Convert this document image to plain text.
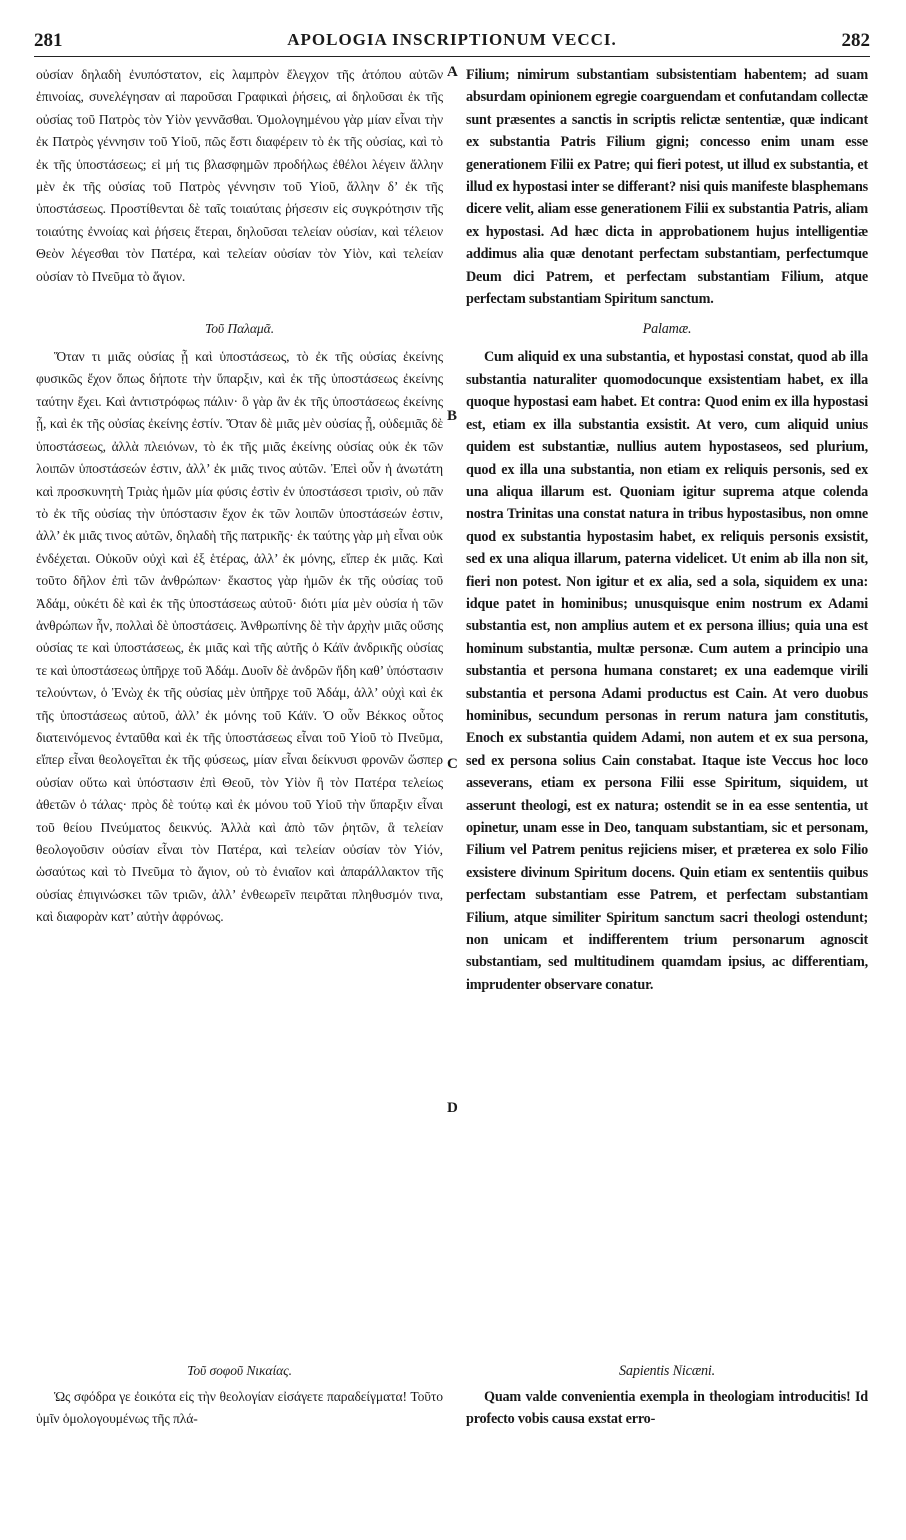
281	APOLOGIA INSCRIPTIONUM VECCI.	282
A
B
C
D

οὐσίαν δηλαδὴ ἐνυπόστατον, εἰς λαμπρὸν ἔλεγχον τῆς ἀτόπου αὐτῶν ἐπινοίας, συνελέγησαν αἱ παροῦσαι Γραφικαὶ ῥήσεις, αἱ δηλοῦσαι ἐκ τῆς οὐσίας τοῦ Πατρὸς τὸν Υἱὸν γεννᾶσθαι. Ὁμολογημένου γὰρ μίαν εἶναι τὴν ἐκ Πατρὸς γέννησιν τοῦ Υἱοῦ, πῶς ἔστι διαφέρειν τὸ ἐκ τῆς οὐσίας, καὶ τὸ ἐκ τῆς ὑποστάσεως; εἰ μή τις βλασφημῶν προδήλως ἐθέλοι λέγειν ἄλλην μὲν ἐκ τῆς οὐσίας τοῦ Πατρὸς γέννησιν τοῦ Υἱοῦ, ἄλλην δ’ ἐκ τῆς ὑποστάσεως. Προστίθενται δὲ ταῖς τοιαύταις ῥήσεσιν εἰς συγκρότησιν τῆς τοιαύτης ἐννοίας καὶ ῥήσεις ἕτεραι, δηλοῦσαι τελείαν οὐσίαν, καὶ τέλειον Θεὸν λέγεσθαι τὸν Πατέρα, καὶ τελείαν οὐσίαν τὸν Υἱὸν, καὶ τελείαν οὐσίαν τὸ Πνεῦμα τὸ ἅγιον.

Τοῦ Παλαμᾶ.

Ὅταν τι μιᾶς οὐσίας ᾖ καὶ ὑποστάσεως, τὸ ἐκ τῆς οὐσίας ἐκείνης φυσικῶς ἔχον ὅπως δήποτε τὴν ὕπαρξιν, καὶ ἐκ τῆς ὑποστάσεως ἐκείνης ταύτην ἔχει. Καὶ ἀντιστρόφως πάλιν· ὃ γὰρ ἂν ἐκ τῆς ὑποστάσεως ἐκείνης ᾖ, καὶ ἐκ τῆς οὐσίας ἐκείνης ἐστίν. Ὅταν δὲ μιᾶς μὲν οὐσίας ᾖ, οὐδεμιᾶς δὲ ὑποστάσεως, ἀλλὰ πλειόνων, τὸ ἐκ τῆς μιᾶς ἐκείνης οὐσίας οὐκ ἐκ τῶν λοιπῶν ὑποστάσεών ἐστιν, ἀλλ’ ἐκ μιᾶς τινος αὐτῶν. Ἐπεὶ οὖν ἡ ἀνωτάτη καὶ προσκυνητὴ Τριὰς ἡμῶν μία φύσις ἐστὶν ἐν ὑποστάσεσι τρισὶν, οὐ πᾶν τὸ ἐκ τῆς οὐσίας τὴν ὑπόστασιν ἔχον ἐκ τῶν λοιπῶν ὑποστάσεών ἐστιν, ἀλλ’ ἐκ μιᾶς τινος αὐτῶν, δηλαδὴ τῆς πατρικῆς· ἐκ ταύτης γὰρ μὴ εἶναι οὐκ ἐνδέχεται. Οὐκοῦν οὐχὶ καὶ ἐξ ἑτέρας, ἀλλ’ ἐκ μόνης, εἴπερ ἐκ μιᾶς. Καὶ τοῦτο δῆλον ἐπὶ τῶν ἀνθρώπων· ἕκαστος γὰρ ἡμῶν ἐκ τῆς οὐσίας τοῦ Ἀδάμ, οὐκέτι δὲ καὶ ἐκ τῆς ὑποστάσεως αὐτοῦ· διότι μία μὲν οὐσία ἡ τῶν ἀνθρώπων ἦν, πολλαὶ δὲ ὑποστάσεις. Ἀνθρωπίνης δὲ τὴν ἀρχὴν μιᾶς οὔσης οὐσίας τε καὶ ὑποστάσεως, ἐκ μιᾶς καὶ τῆς αὐτῆς ὁ Κάϊν ἀνδρικῆς οὐσίας τε καὶ ὑποστάσεως ὑπῆρχε τοῦ Ἀδάμ. Δυοῖν δὲ ἀνδρῶν ἤδη καθ’ ὑπόστασιν τελούντων, ὁ Ἐνὼχ ἐκ τῆς οὐσίας μὲν ὑπῆρχε τοῦ Ἀδάμ, ἀλλ’ οὐχὶ καὶ ἐκ τῆς ὑποστάσεως αὐτοῦ, ἀλλ’ ἐκ μόνης τοῦ Κάϊν. Ὁ οὖν Βέκκος οὗτος διατεινόμενος ἐνταῦθα καὶ ἐκ τῆς ὑποστάσεως εἶναι τοῦ Υἱοῦ τὸ Πνεῦμα, εἴπερ εἶναι θεολογεῖται ἐκ τῆς φύσεως, μίαν εἶναι δείκνυσι φρονῶν ὥσπερ οὐσίαν οὕτω καὶ ὑπόστασιν ἐπὶ Θεοῦ, τὸν Υἱὸν ἢ τὸν Πατέρα τελείως ἀθετῶν ὁ τάλας· πρὸς δὲ τούτῳ καὶ ἐκ μόνου τοῦ Υἱοῦ τὴν ὕπαρξιν εἶναι τοῦ θείου Πνεύματος δεικνύς. Ἀλλὰ καὶ ἀπὸ τῶν ῥητῶν, ἃ τελείαν θεολογοῦσιν οὐσίαν εἶναι τὸν Πατέρα, καὶ τελείαν οὐσίαν τὸν Υἱόν, ὡσαύτως καὶ τὸ Πνεῦμα τὸ ἅγιον, οὐ τὸ ἑνιαῖον καὶ ἀπαράλλακτον τῆς οὐσίας ἐπιγινώσκει τῶν τριῶν, ἀλλ’ ἐνθεωρεῖν πειρᾶται πληθυσμόν τινα, καὶ διαφορὰν κατ’ αὐτὴν ἀφρόνως.

Τοῦ σοφοῦ Νικαίας.

Ὡς σφόδρα γε ἐοικότα εἰς τὴν θεολογίαν εἰσάγετε παραδείγματα! Τοῦτο ὑμῖν ὁμολογουμένως τῆς πλά-

Filium; nimirum substantiam subsistentiam habentem; ad suam absurdam opinionem egregie coarguendam et confutandam collectæ sunt præsentes a sanctis in scriptis relictæ sententiæ, quæ indicant ex substantia Patris Filium gigni; concesso enim unam esse generationem Filii ex Patre; qui fieri potest, ut illud ex substantia, et illud ex hypostasi inter se differant? nisi quis manifeste blasphemans dicere velit, aliam esse generationem Filii ex substantia Patris, aliam ex hypostasi. Ad hæc dicta in approbationem hujus intelligentiæ addimus alia quæ denotant perfectam substantiam, perfectumque Deum dici Patrem, et perfectam substantiam Filium, atque perfectam substantiam Spiritum sanctum.

Palamæ.

Cum aliquid ex una substantia, et hypostasi constat, quod ab illa substantia naturaliter quomodocunque exsistentiam habet, ex illa quoque hypostasi eam habet. Et contra: Quod enim ex illa hypostasi est, etiam ex illa substantia exsistit. At vero, cum aliquid unius quidem est substantiæ, nullius autem hypostaseos, sed plurium, quod ex illa una substantia, non etiam ex reliquis personis, sed ex una aliqua illarum est. Quoniam igitur suprema atque colenda nostra Trinitas una constat natura in tribus hypostasibus, non omne quod ex substantia hypostasim habet, ex reliquis personis exsistit, sed ex una aliqua illarum, paterna videlicet. Ut enim ab illa non sit, fieri non potest. Non igitur et ex alia, sed a sola, siquidem ex una: idque patet in hominibus; unusquisque enim nostrum ex Adami substantia est, non amplius autem et ex persona illius; quia una est hominum substantia, multæ personæ. Cum autem a principio una substantia et persona humana constaret; ex una eademque virili substantia et persona Adami productus est Cain. At vero duobus hominibus, secundum personas in rerum natura jam constitutis, Enoch ex substantia quidem Adami, non autem et ex sua persona, sed ex persona solius Cain constabat. Itaque iste Veccus hoc loco asseverans, etiam ex persona Filii esse Spiritum, siquidem, ut asserunt theologi, est ex natura; ostendit se in ea esse sententia, ut opinetur, unam esse in Deo, tanquam substantiam, sic et personam, Filium vel Patrem penitus rejiciens miser, et præterea ex solo Filio exsistere divinum Spiritum docens. Quin etiam ex sententiis quibus perfectam substantiam esse Patrem, et perfectam substantiam Filium, atque similiter Spiritum sanctum sacri theologi ostendunt; non unicam et indifferentem trium personarum agnoscit substantiam, sed multitudinem quamdam ipsius, ac differentiam, imprudenter observare conatur.

Sapientis Nicæni.

Quam valde convenientia exempla in theologiam introducitis! Id profecto vobis causa exstat erro-
